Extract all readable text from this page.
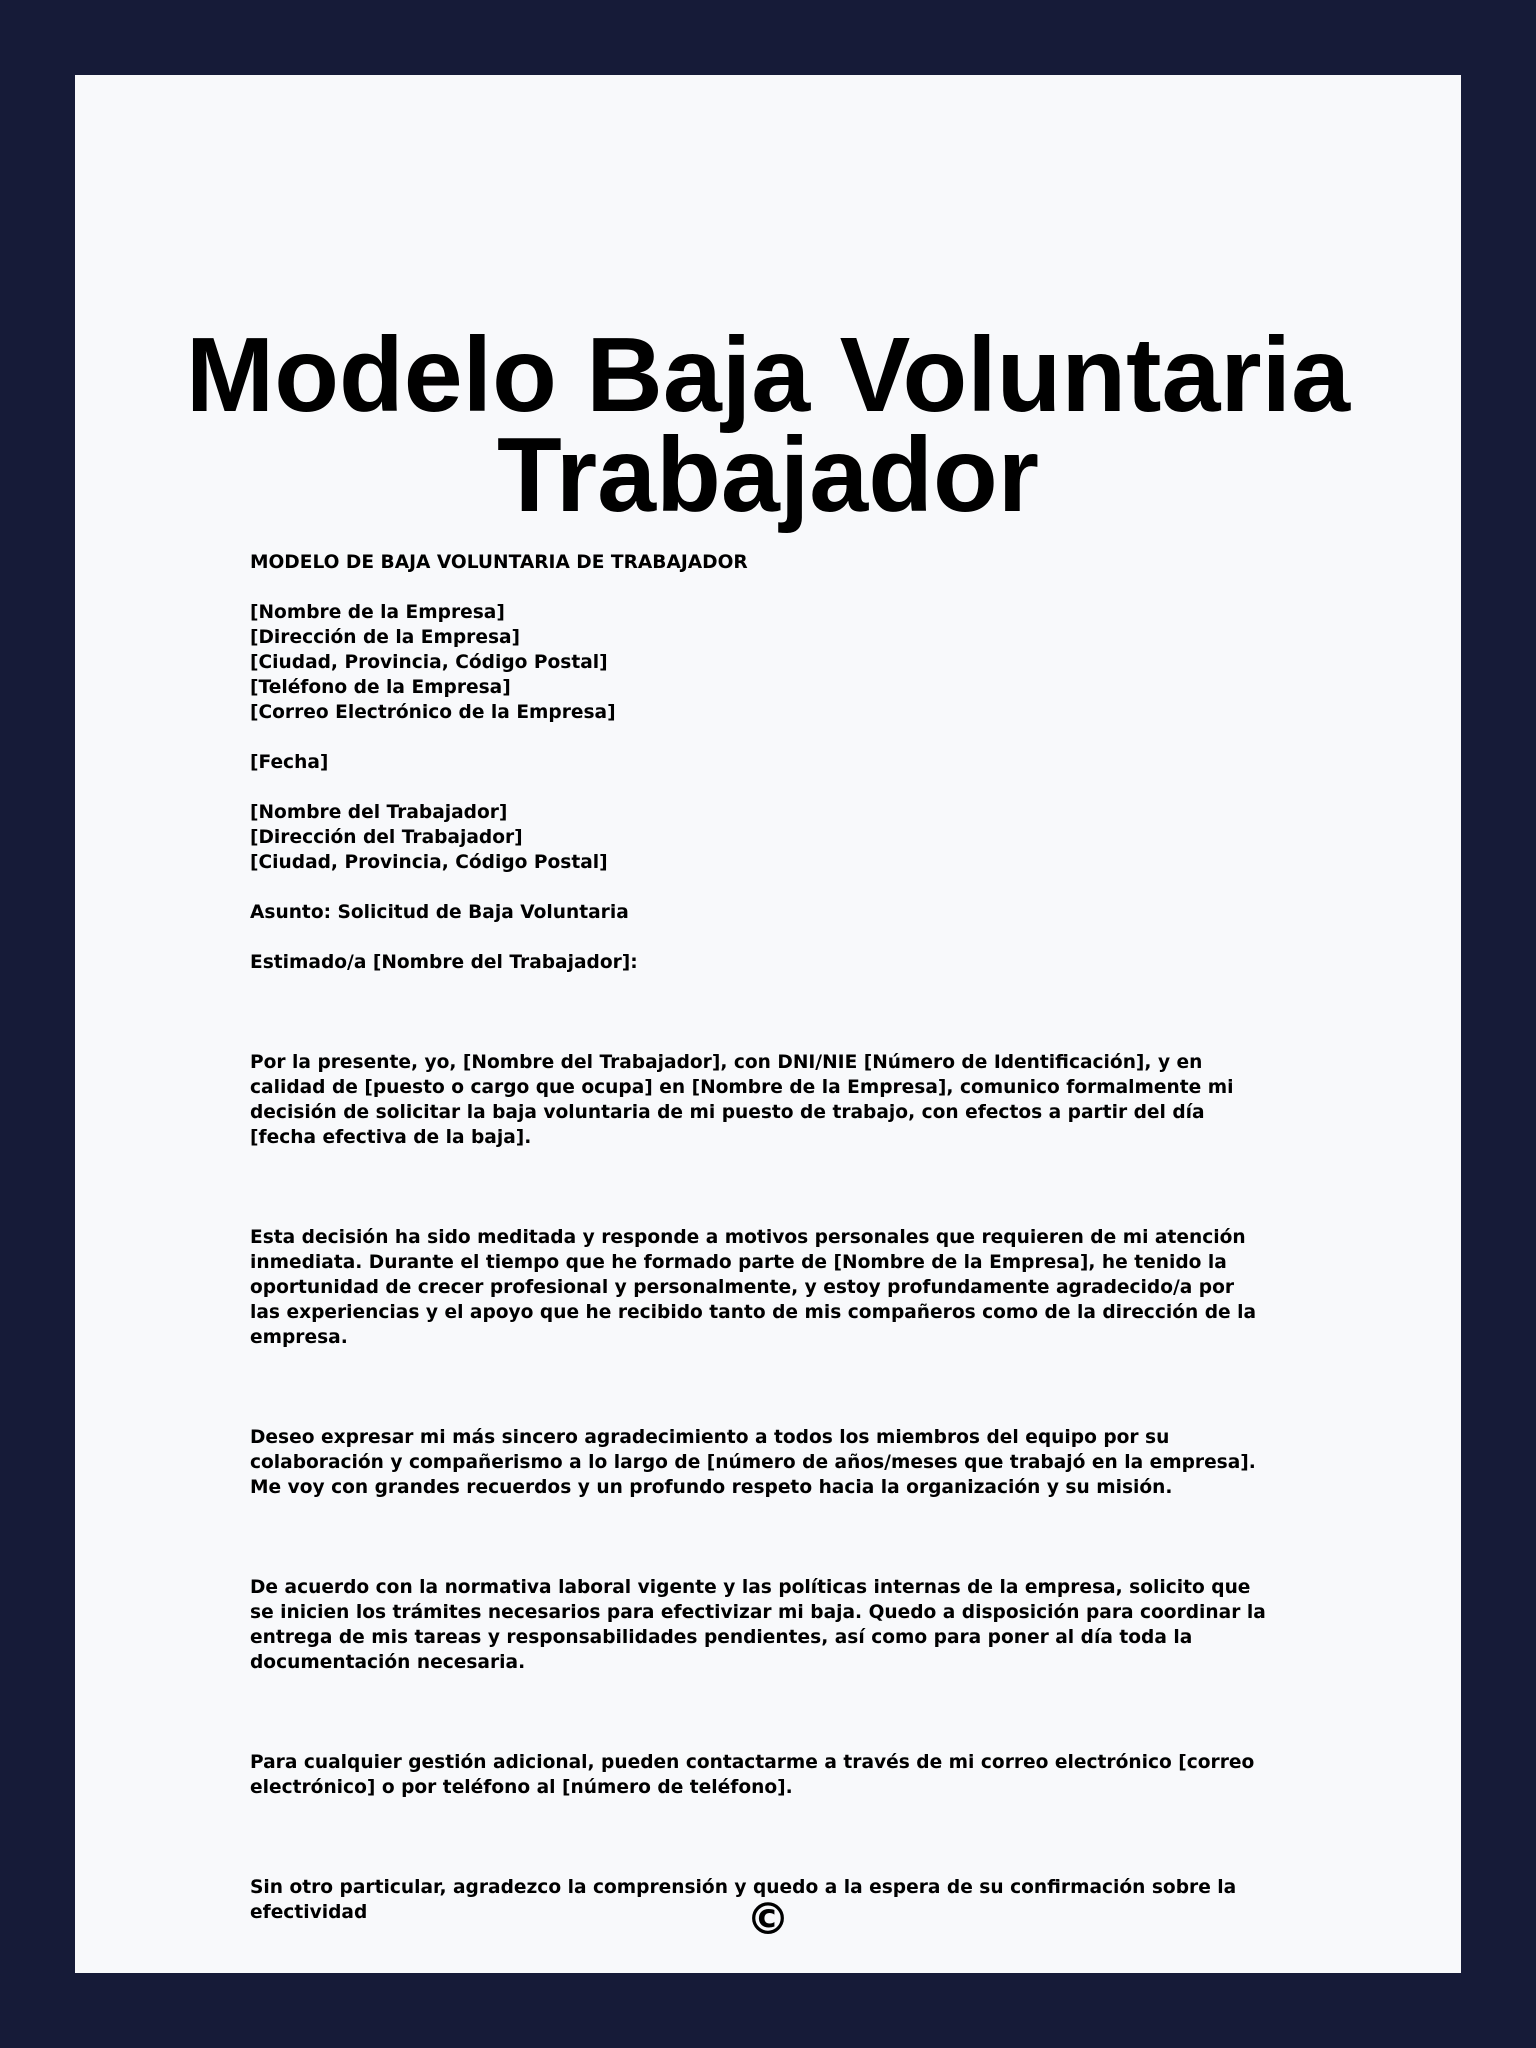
Modelo Baja Voluntaria
Trabajador
MODELO DE BAJA VOLUNTARIA DE TRABAJADOR
[Nombre de la Empresa]
[Dirección de la Empresa]
[Ciudad, Provincia, Código Postal]
[Teléfono de la Empresa]
[Correo Electrónico de la Empresa]
[Fecha]
[Nombre del Trabajador]
[Dirección del Trabajador]
[Ciudad, Provincia, Código Postal]
Asunto: Solicitud de Baja Voluntaria
Estimado/a [Nombre del Trabajador]:
Por la presente, yo, [Nombre del Trabajador], con DNI/NIE [Número de Identificación], y en calidad de [puesto o cargo que ocupa] en [Nombre de la Empresa], comunico formalmente mi decisión de solicitar la baja voluntaria de mi puesto de trabajo, con efectos a partir del día [fecha efectiva de la baja].
Esta decisión ha sido meditada y responde a motivos personales que requieren de mi atención inmediata. Durante el tiempo que he formado parte de [Nombre de la Empresa], he tenido la oportunidad de crecer profesional y personalmente, y estoy profundamente agradecido/a por las experiencias y el apoyo que he recibido tanto de mis compañeros como de la dirección de la empresa.
Deseo expresar mi más sincero agradecimiento a todos los miembros del equipo por su colaboración y compañerismo a lo largo de [número de años/meses que trabajó en la empresa]. Me voy con grandes recuerdos y un profundo respeto hacia la organización y su misión.
De acuerdo con la normativa laboral vigente y las políticas internas de la empresa, solicito que se inicien los trámites necesarios para efectivizar mi baja. Quedo a disposición para coordinar la entrega de mis tareas y responsabilidades pendientes, así como para poner al día toda la documentación necesaria.
Para cualquier gestión adicional, pueden contactarme a través de mi correo electrónico [correo electrónico] o por teléfono al [número de teléfono].
Sin otro particular, agradezco la comprensión y quedo a la espera de su confirmación sobre la efectividad	©
